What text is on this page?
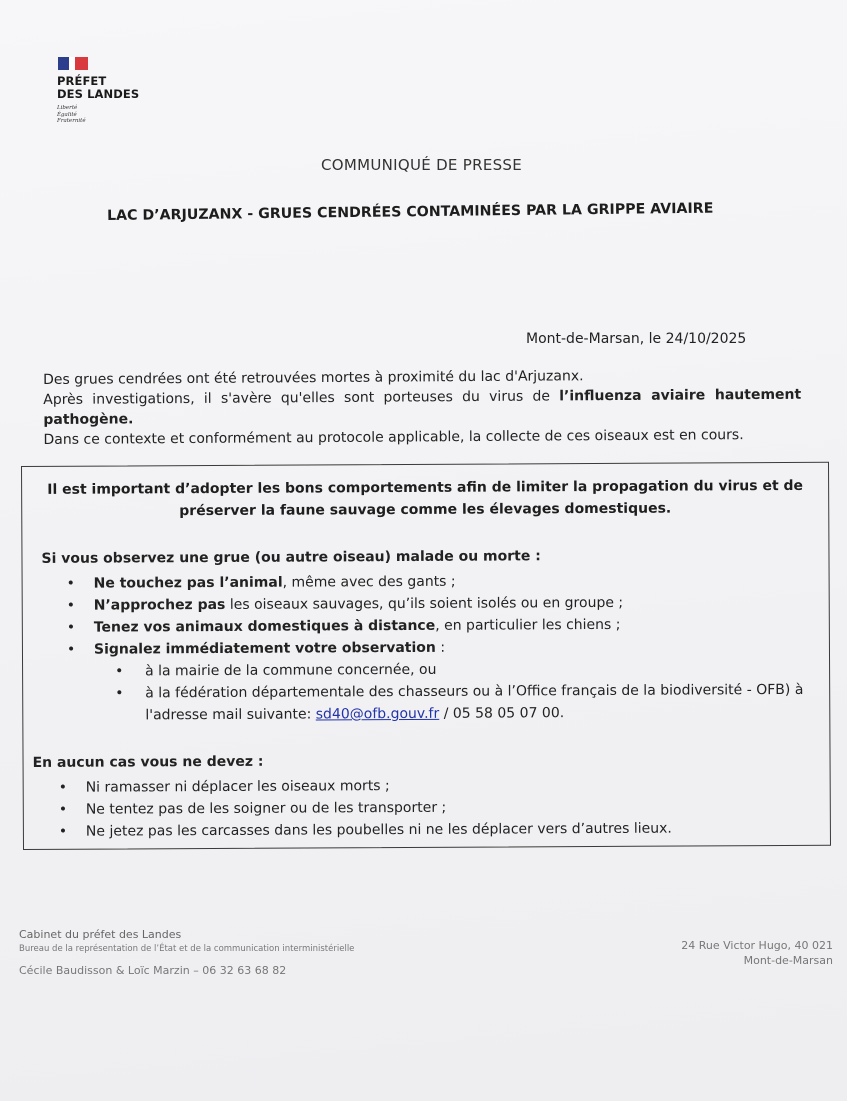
PRÉFET
DES LANDES
Liberté
Égalité
Fraternité
COMMUNIQUÉ DE PRESSE
LAC D’ARJUZANX - GRUES CENDRÉES CONTAMINÉES PAR LA GRIPPE AVIAIRE
Mont-de-Marsan, le 24/10/2025

Des grues cendrées ont été retrouvées mortes à proximité du lac d'Arjuzanx.

Après investigations, il s'avère qu'elles sont porteuses du virus de l’influenza aviaire hautement

pathogène.

Dans ce contexte et conformément au protocole applicable, la collecte de ces oiseaux est en cours.

Il est important d’adopter les bons comportements afin de limiter la propagation du virus et de
préserver la faune sauvage comme les élevages domestiques.
Si vous observez une grue (ou autre oiseau) malade ou morte :
• Ne touchez pas l’animal, même avec des gants ;
• N’approchez pas les oiseaux sauvages, qu’ils soient isolés ou en groupe ;
• Tenez vos animaux domestiques à distance, en particulier les chiens ;
• Signalez immédiatement votre observation :
• à la mairie de la commune concernée, ou
• à la fédération départementale des chasseurs ou à l’Office français de la biodiversité - OFB) à l'adresse mail suivante: sd40@ofb.gouv.fr / 05 58 05 07 00.
En aucun cas vous ne devez :
• Ni ramasser ni déplacer les oiseaux morts ;
• Ne tentez pas de les soigner ou de les transporter ;
• Ne jetez pas les carcasses dans les poubelles ni ne les déplacer vers d’autres lieux.
Cabinet du préfet des Landes
Bureau de la représentation de l’État et de la communication interministérielle
Cécile Baudisson & Loïc Marzin – 06 32 63 68 82
24 Rue Victor Hugo, 40 021
Mont-de-Marsan
